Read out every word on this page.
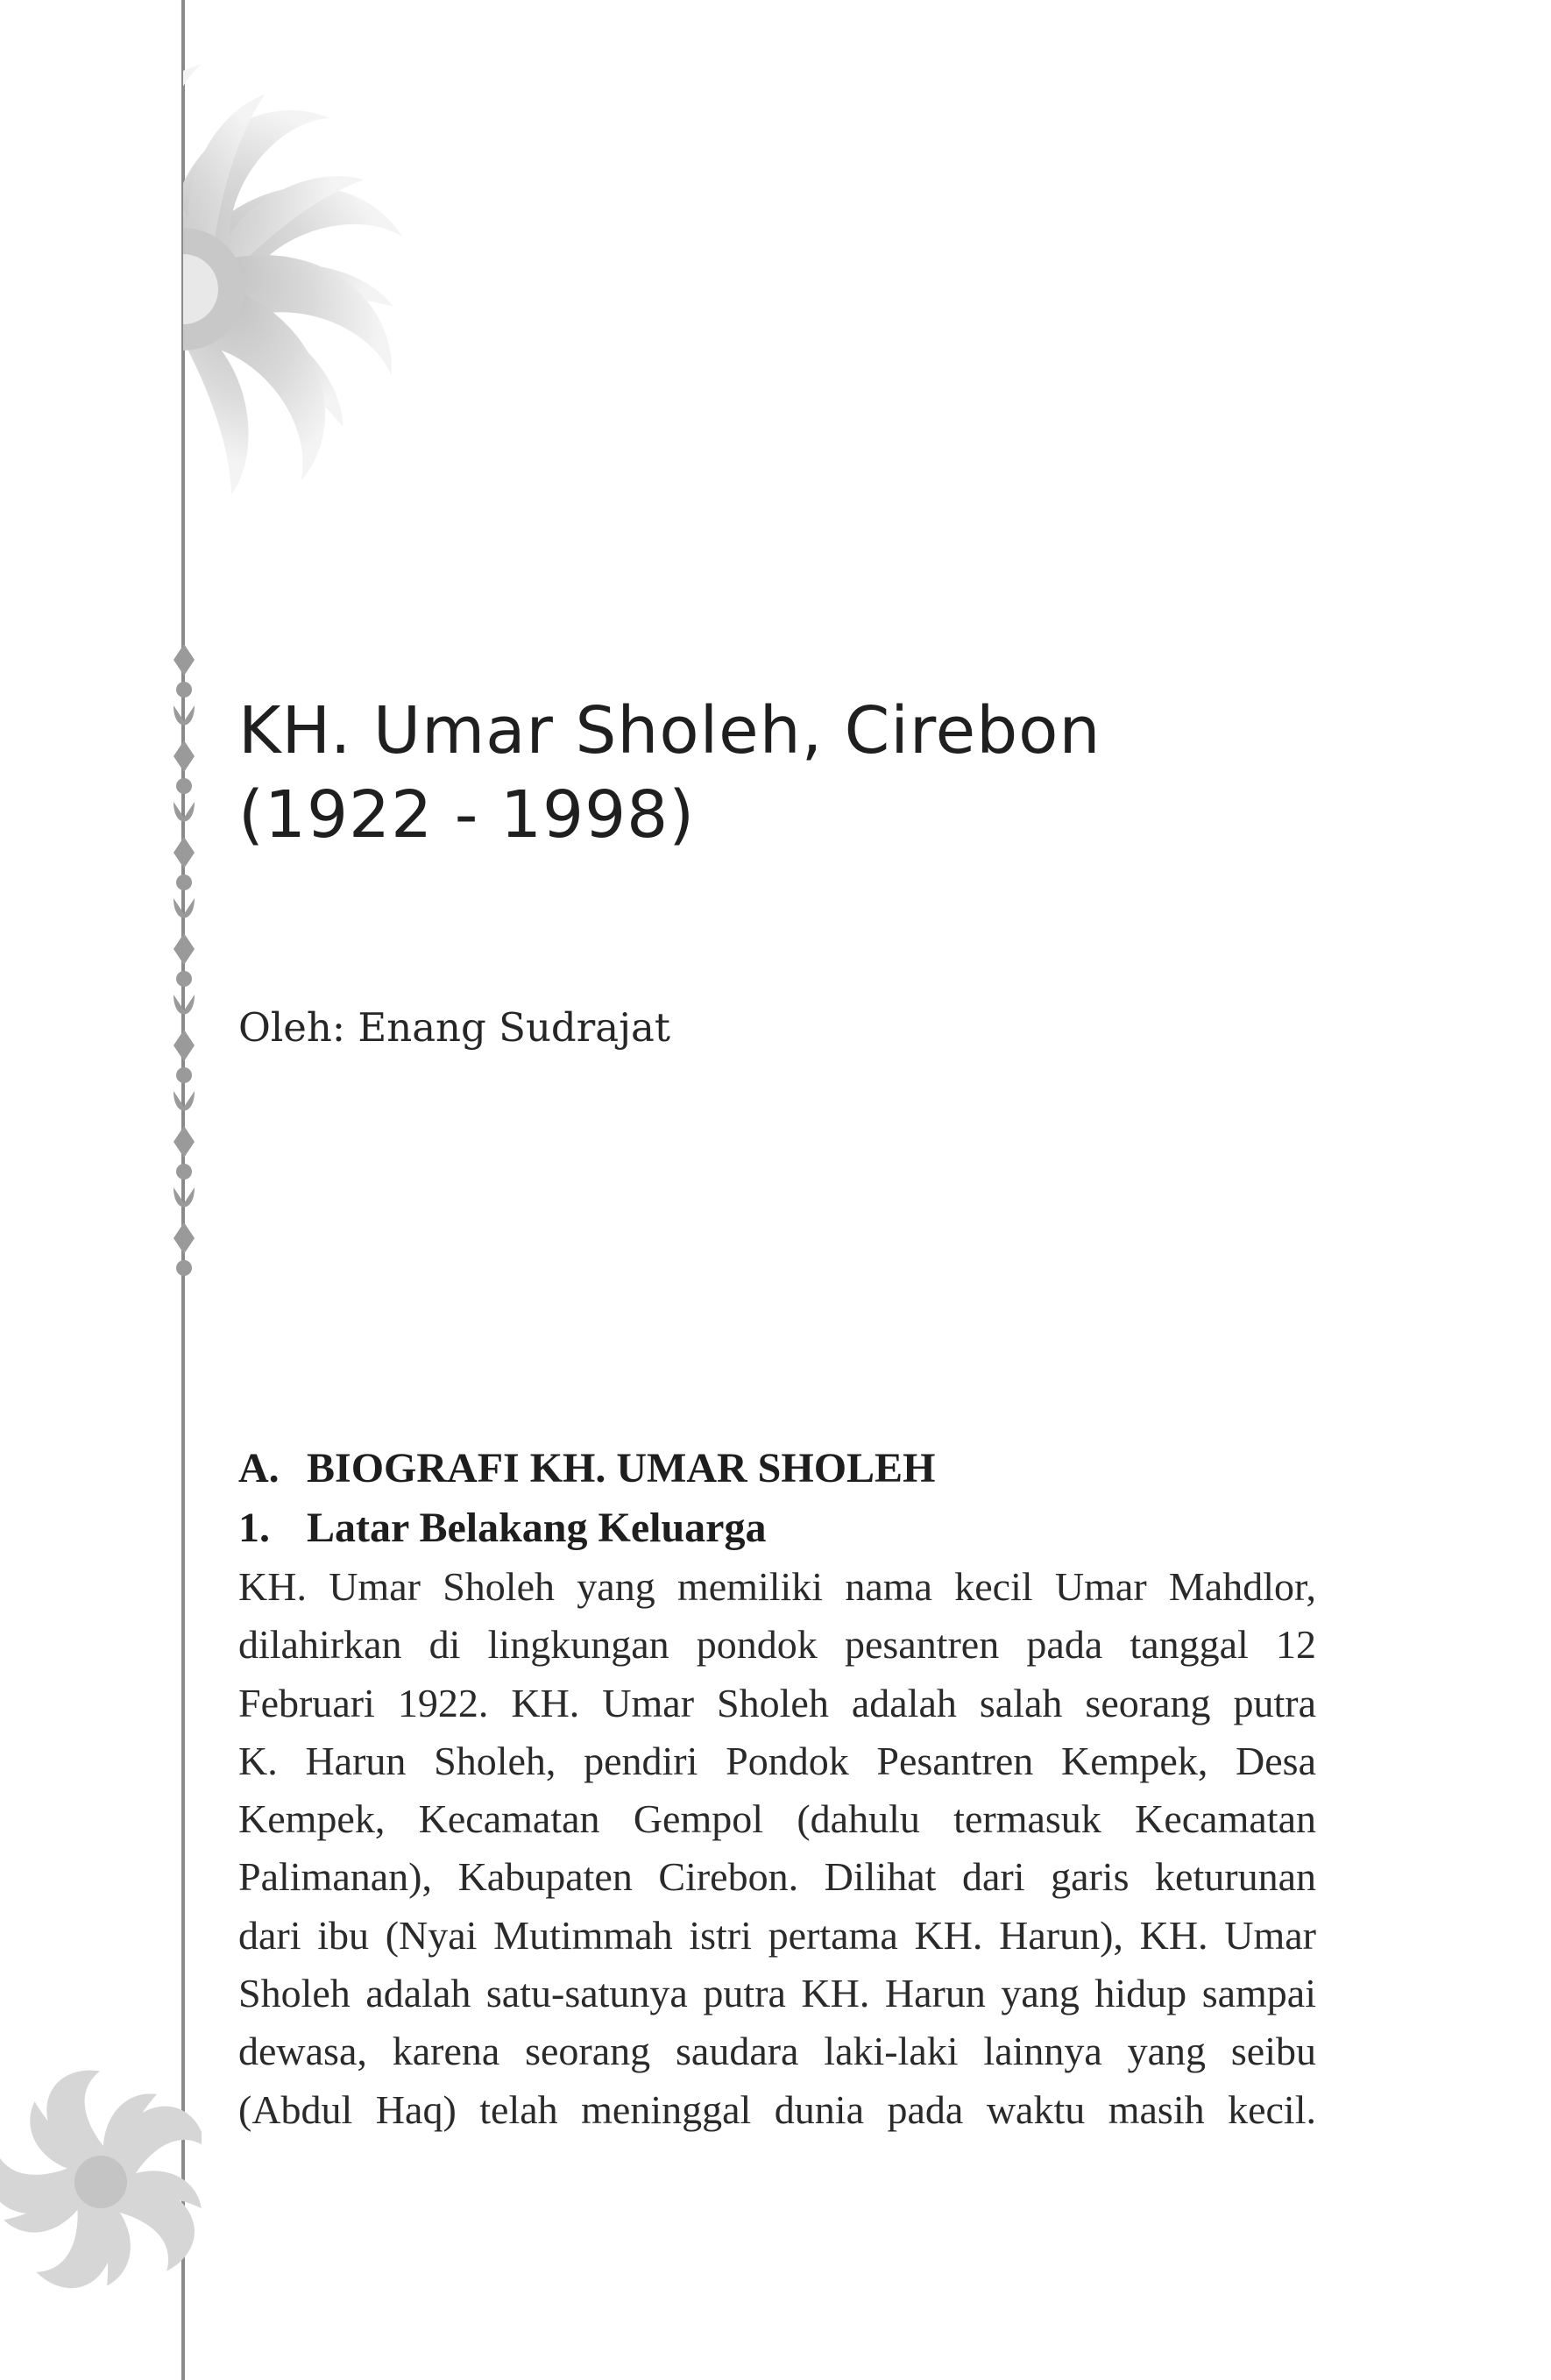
KH. Umar Sholeh, Cirebon
(1922 - 1998)
Oleh: Enang Sudrajat
A. BIOGRAFI KH. UMAR SHOLEH
1. Latar Belakang Keluarga
KH. Umar Sholeh yang memiliki nama kecil Umar Mahdlor,
dilahirkan di lingkungan pondok pesantren pada tanggal 12
Februari 1922. KH. Umar Sholeh adalah salah seorang putra
K. Harun Sholeh, pendiri Pondok Pesantren Kempek, Desa
Kempek, Kecamatan Gempol (dahulu termasuk Kecamatan
Palimanan), Kabupaten Cirebon. Dilihat dari garis keturunan
dari ibu (Nyai Mutimmah istri pertama KH. Harun), KH. Umar
Sholeh adalah satu-satunya putra KH. Harun yang hidup sampai
dewasa, karena seorang saudara laki-laki lainnya yang seibu
(Abdul Haq) telah meninggal dunia pada waktu masih kecil.
